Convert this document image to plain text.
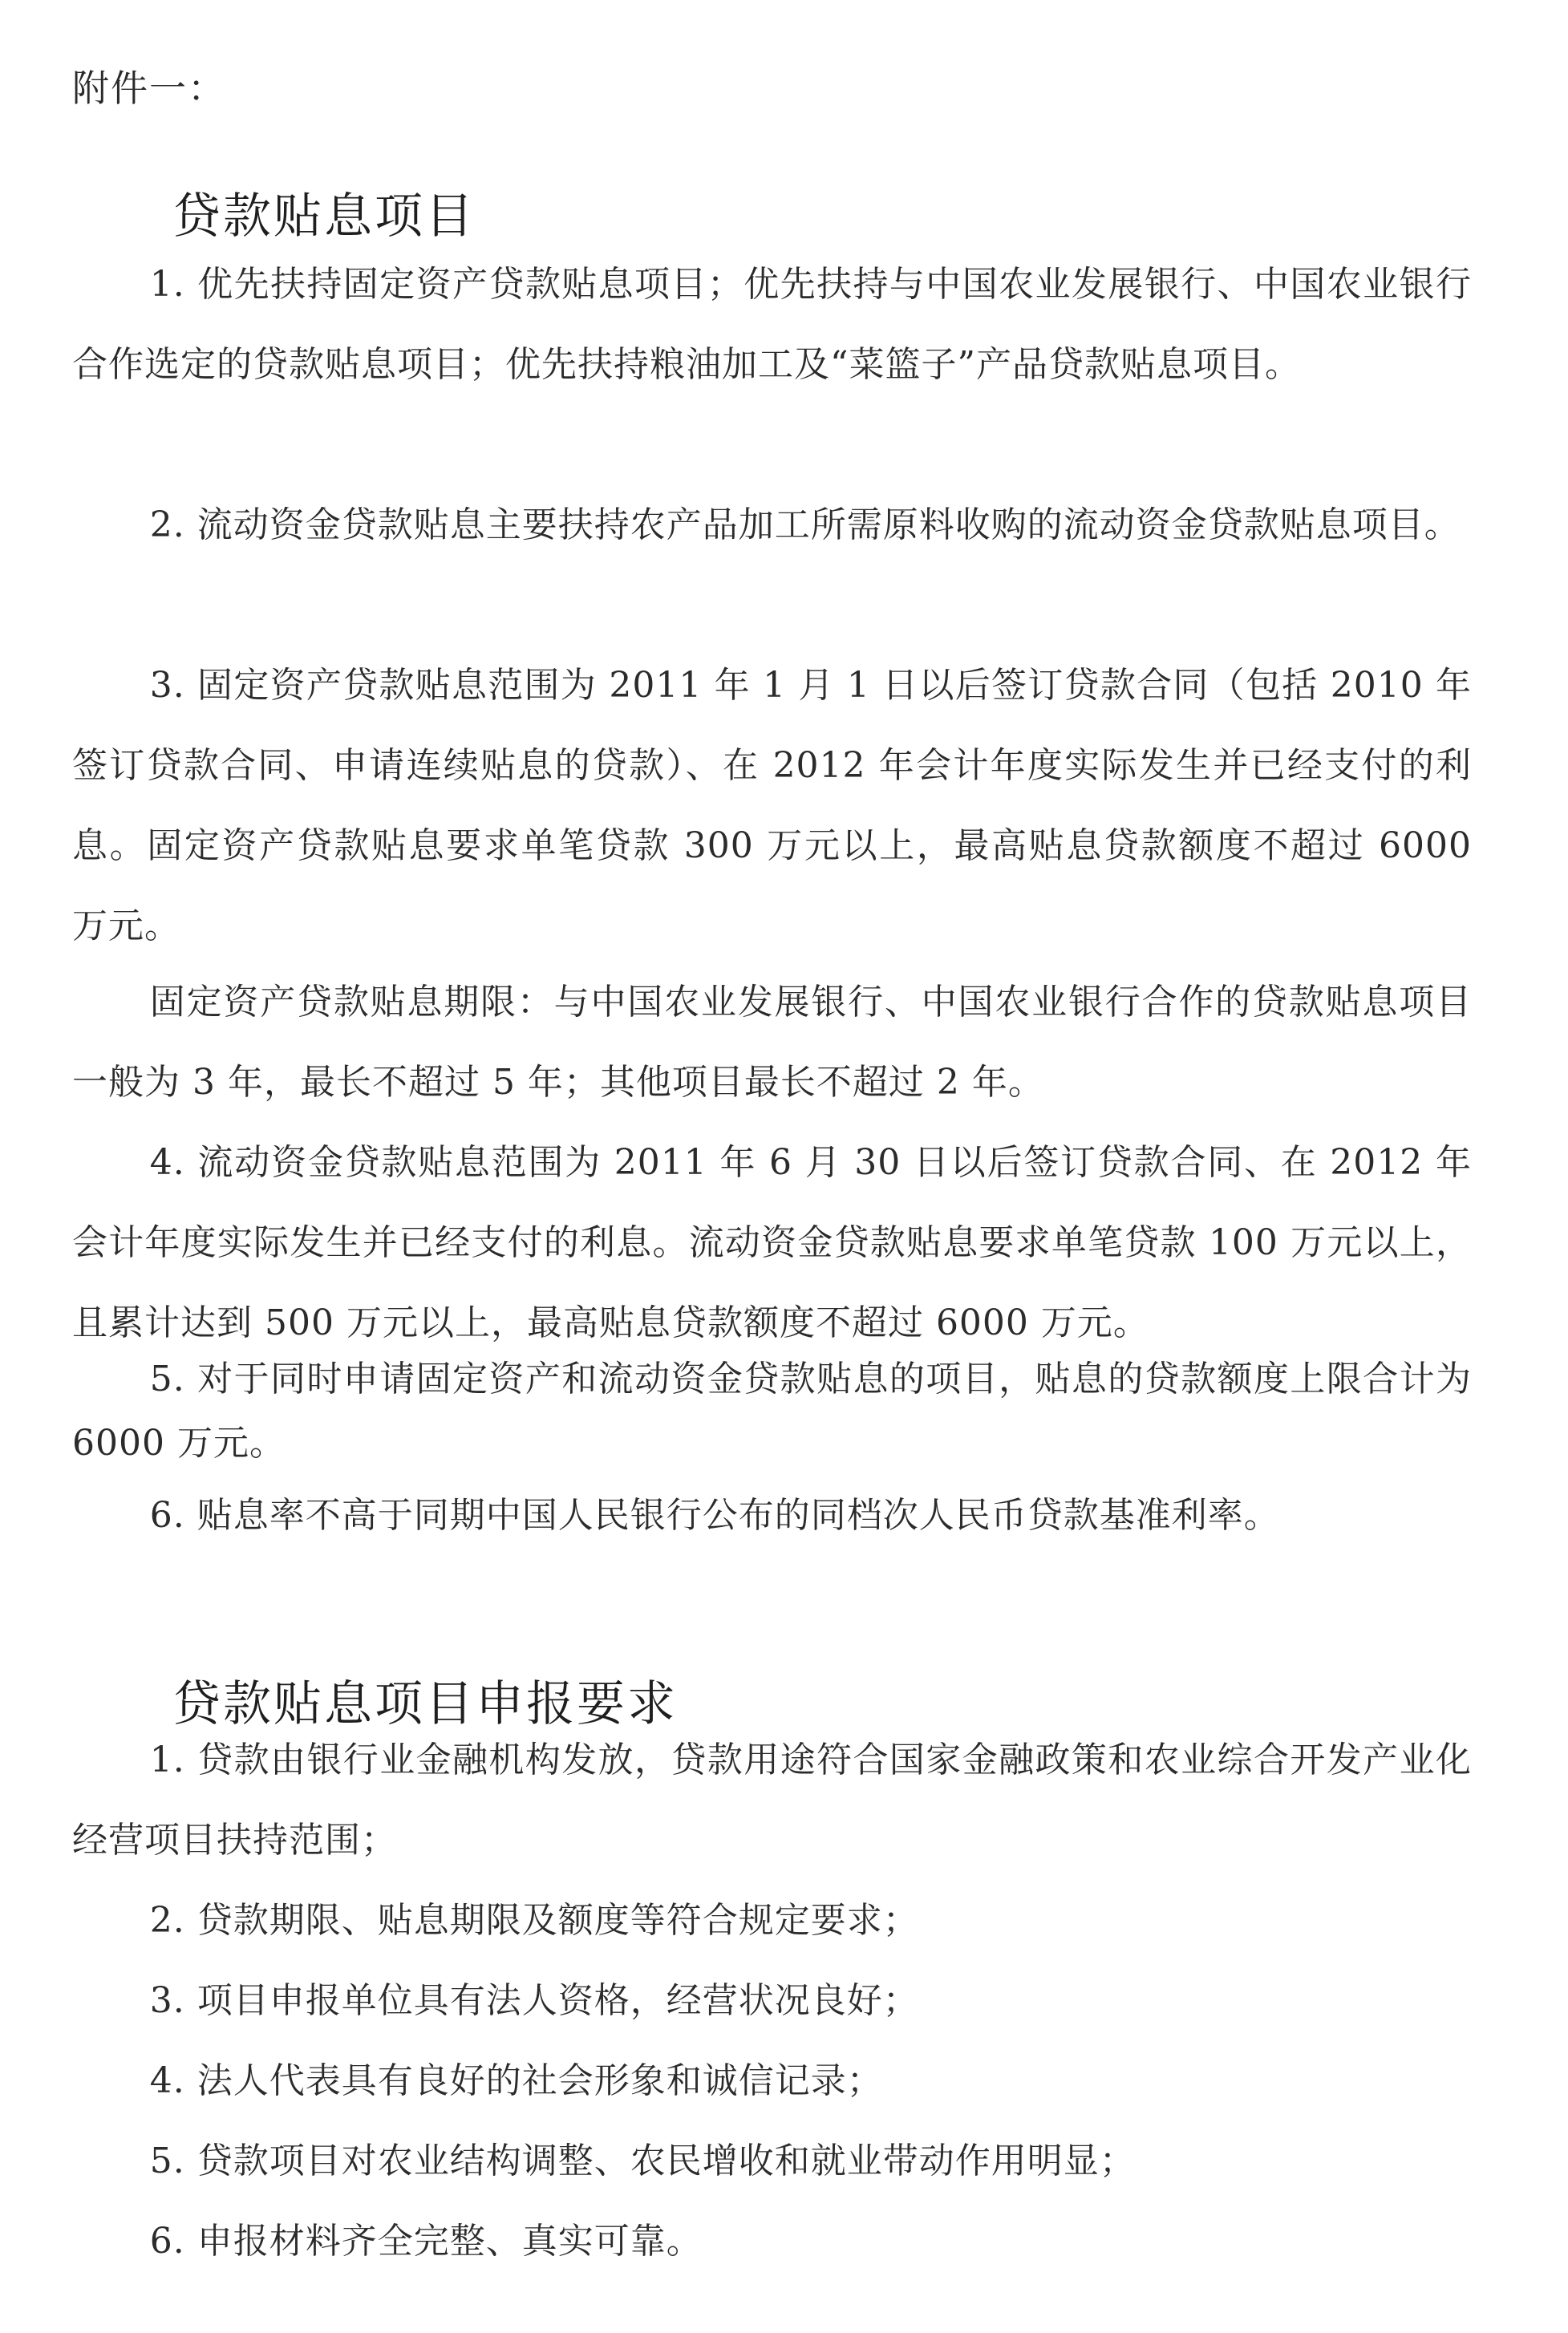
附件一：
贷款贴息项目

1. 优先扶持固定资产贷款贴息项目；优先扶持与中国农业发展银行、中国农业银行合作选定的贷款贴息项目；优先扶持粮油加工及“菜篮子”产品贷款贴息项目。

2. 流动资金贷款贴息主要扶持农产品加工所需原料收购的流动资金贷款贴息项目。

3. 固定资产贷款贴息范围为 2011 年 1 月 1 日以后签订贷款合同（包括 2010 年签订贷款合同、申请连续贴息的贷款）、在 2012 年会计年度实际发生并已经支付的利息。固定资产贷款贴息要求单笔贷款 300 万元以上，最高贴息贷款额度不超过 6000 万元。

固定资产贷款贴息期限：与中国农业发展银行、中国农业银行合作的贷款贴息项目一般为 3 年，最长不超过 5 年；其他项目最长不超过 2 年。

4. 流动资金贷款贴息范围为 2011 年 6 月 30 日以后签订贷款合同、在 2012 年会计年度实际发生并已经支付的利息。流动资金贷款贴息要求单笔贷款 100 万元以上，且累计达到 500 万元以上，最高贴息贷款额度不超过 6000 万元。

5. 对于同时申请固定资产和流动资金贷款贴息的项目，贴息的贷款额度上限合计为 6000 万元。

6. 贴息率不高于同期中国人民银行公布的同档次人民币贷款基准利率。

贷款贴息项目申报要求

1. 贷款由银行业金融机构发放，贷款用途符合国家金融政策和农业综合开发产业化经营项目扶持范围；

2. 贷款期限、贴息期限及额度等符合规定要求；

3. 项目申报单位具有法人资格，经营状况良好；

4. 法人代表具有良好的社会形象和诚信记录；

5. 贷款项目对农业结构调整、农民增收和就业带动作用明显；

6. 申报材料齐全完整、真实可靠。
